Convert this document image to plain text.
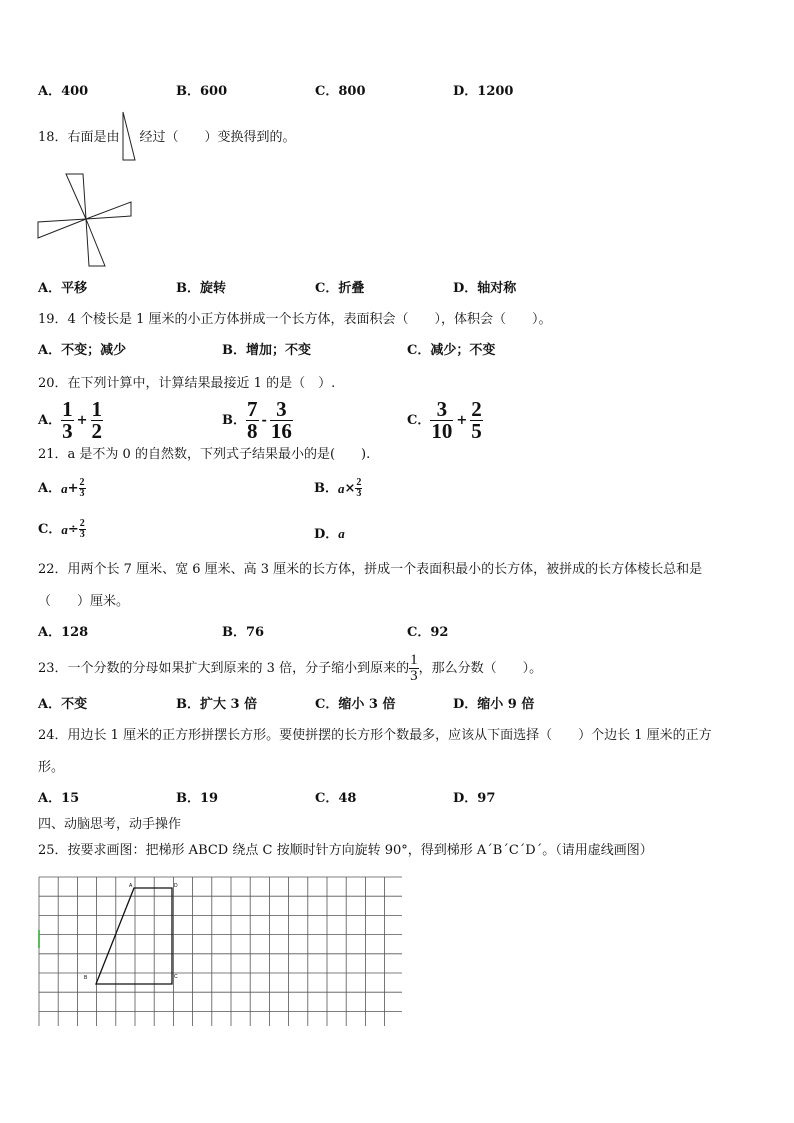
A．400	B．600	C．800	D．1200
18．右面是由 经过（　　）变换得到的。
A．平移	B．旋转	C．折叠	D．轴对称
19．4 个棱长是 1 厘米的小正方体拼成一个长方体，表面积会（　　），体积会（　　）。
A．不变；减少	B．增加；不变	C．减少；不变
20．在下列计算中，计算结果最接近 1 的是（　）.
A． $\frac{1}{3} + \frac{1}{2}$	B． $\frac{7}{8} - \frac{3}{16}$	C． $\frac{3}{10} + \frac{2}{5}$
21．a 是不为 0 的自然数，下列式子结果最小的是(　　).
A． $a + \frac{2}{3}$	B． $a \times \frac{2}{3}$
C． $a \div \frac{2}{3}$	D．a
22．用两个长 7 厘米、宽 6 厘米、高 3 厘米的长方体，拼成一个表面积最小的长方体，被拼成的长方体棱长总和是
（　　）厘米。
A．128	B．76	C．92
23．一个分数的分母如果扩大到原来的 3 倍，分子缩小到原来的 $\frac{1}{3}$ ，那么分数（　　）。
A．不变	B．扩大 3 倍	C．缩小 3 倍	D．缩小 9 倍
24．用边长 1 厘米的正方形拼摆长方形。要使拼摆的长方形个数最多，应该从下面选择（　　）个边长 1 厘米的正方
形。
A．15	B．19	C．48	D．97
四、动脑思考，动手操作
25．按要求画图：把梯形 ABCD 绕点 C 按顺时针方向旋转 90°，得到梯形 A´B´C´D´。（请用虚线画图）
A	D
B	C
